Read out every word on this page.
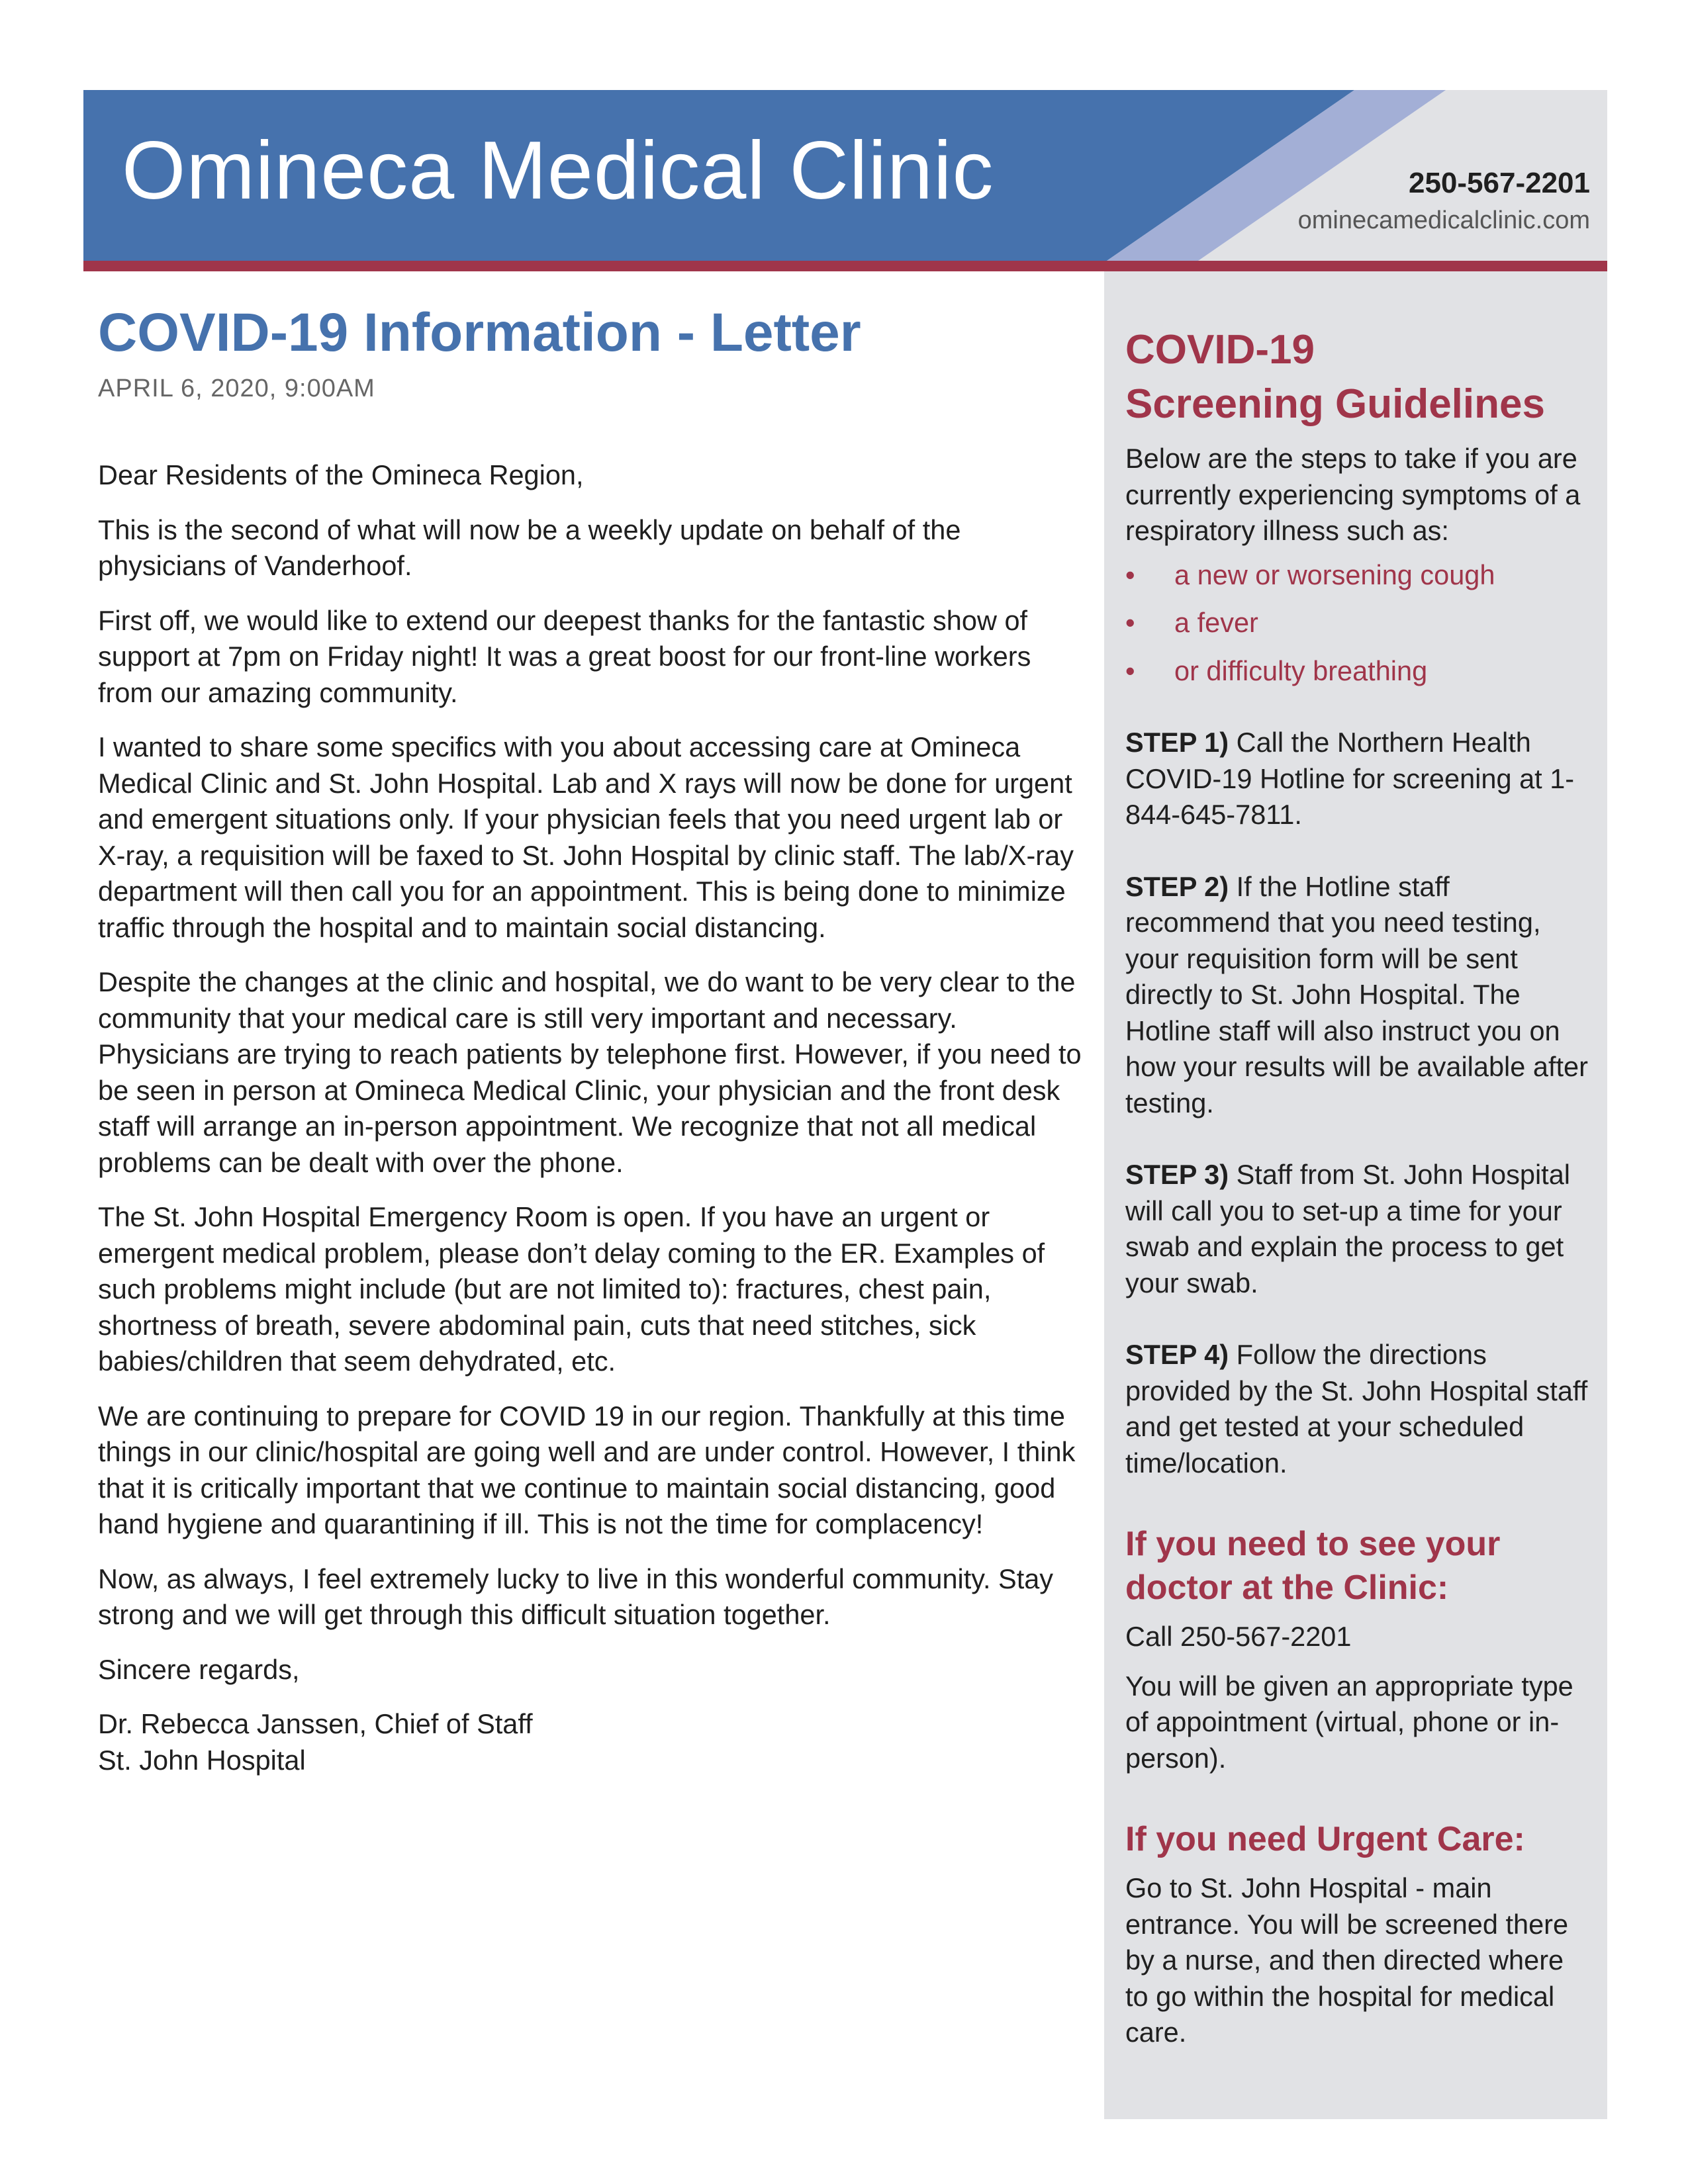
Omineca Medical Clinic	250-567-2201
ominecamedicalclinic.com
COVID-19 Information - Letter
APRIL 6, 2020, 9:00AM

Dear Residents of the Omineca Region,

This is the second of what will now be a weekly update on behalf of the physicians of Vanderhoof.

First off, we would like to extend our deepest thanks for the fantastic show of support at 7pm on Friday night! It was a great boost for our front-line workers from our amazing community.

I wanted to share some specifics with you about accessing care at Omineca Medical Clinic and St. John Hospital. Lab and X rays will now be done for urgent and emergent situations only. If your physician feels that you need urgent lab or X-ray, a requisition will be faxed to St. John Hospital by clinic staff. The lab/X-ray department will then call you for an appointment. This is being done to minimize traffic through the hospital and to maintain social distancing.

Despite the changes at the clinic and hospital, we do want to be very clear to the community that your medical care is still very important and necessary. Physicians are trying to reach patients by telephone first. However, if you need to be seen in person at Omineca Medical Clinic, your physician and the front desk staff will arrange an in-person appointment. We recognize that not all medical problems can be dealt with over the phone.

The St. John Hospital Emergency Room is open. If you have an urgent or emergent medical problem, please don’t delay coming to the ER. Examples of such problems might include (but are not limited to): fractures, chest pain, shortness of breath, severe abdominal pain, cuts that need stitches, sick babies/children that seem dehydrated, etc.

We are continuing to prepare for COVID 19 in our region. Thankfully at this time things in our clinic/hospital are going well and are under control. However, I think that it is critically important that we continue to maintain social distancing, good hand hygiene and quarantining if ill. This is not the time for complacency!

Now, as always, I feel extremely lucky to live in this wonderful community. Stay strong and we will get through this difficult situation together.

Sincere regards,

Dr. Rebecca Janssen, Chief of Staff
St. John Hospital

COVID-19
Screening Guidelines

Below are the steps to take if you are currently experiencing symptoms of a respiratory illness such as:

• a new or worsening cough
• a fever
• or difficulty breathing

STEP 1) Call the Northern Health COVID-19 Hotline for screening at 1-844-645-7811.

STEP 2) If the Hotline staff recommend that you need testing, your requisition form will be sent directly to St. John Hospital. The Hotline staff will also instruct you on how your results will be available after testing.

STEP 3) Staff from St. John Hospital will call you to set-up a time for your swab and explain the process to get your swab.

STEP 4) Follow the directions provided by the St. John Hospital staff and get tested at your scheduled time/location.

If you need to see your doctor at the Clinic:

Call 250-567-2201

You will be given an appropriate type of appointment (virtual, phone or in-person).

If you need Urgent Care:

Go to St. John Hospital - main entrance. You will be screened there by a nurse, and then directed where to go within the hospital for medical care.
